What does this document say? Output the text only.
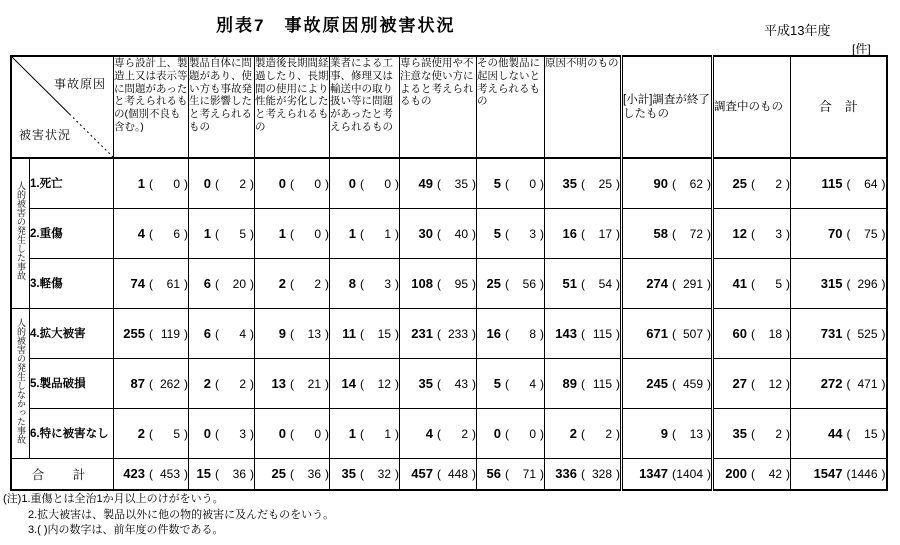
別表7　事故原因別被害状況	平成13年度
[件]
事故原因
被害状況		専ら設計上、製造上又は表示等に問題があったと考えられるもの(個別不良も含む。)	製品自体に問題があり、使い方も事故発生に影響したと考えられるもの	製造後長期間経過したり、長期間の使用により性能が劣化したと考えられるもの	業者による工事、修理又は輸送中の取り扱い等に問題があったと考えられるもの	専ら誤使用や不注意な使い方によると考えられるもの	その他製品に起因しないと考えられるもの	原因不明のもの	[小計]調査が終了したもの	調査中のもの	合　計
人的被害の発生した事故	1.死亡	1 ( 0 )	0 ( 2 )	0 ( 0 )	0 ( 0 )	49 ( 35 )	5 ( 0 )	35 ( 25 )	90 ( 62 )	25 ( 2 )	115 ( 64 )
	2.重傷	4 ( 6 )	1 ( 5 )	1 ( 0 )	1 ( 1 )	30 ( 40 )	5 ( 3 )	16 ( 17 )	58 ( 72 )	12 ( 3 )	70 ( 75 )
	3.軽傷	74 ( 61 )	6 ( 20 )	2 ( 2 )	8 ( 3 )	108 ( 95 )	25 ( 56 )	51 ( 54 )	274 ( 291 )	41 ( 5 )	315 ( 296 )
人的被害の発生しなかった事故	4.拡大被害	255 ( 119 )	6 ( 4 )	9 ( 13 )	11 ( 15 )	231 ( 233 )	16 ( 8 )	143 ( 115 )	671 ( 507 )	60 ( 18 )	731 ( 525 )
	5.製品破損	87 ( 262 )	2 ( 2 )	13 ( 21 )	14 ( 12 )	35 ( 43 )	5 ( 4 )	89 ( 115 )	245 ( 459 )	27 ( 12 )	272 ( 471 )
	6.特に被害なし	2 ( 5 )	0 ( 3 )	0 ( 0 )	1 ( 1 )	4 ( 2 )	0 ( 0 )	2 ( 2 )	9 ( 13 )	35 ( 2 )	44 ( 15 )
合　計		423 ( 453 )	15 ( 36 )	25 ( 36 )	35 ( 32 )	457 ( 448 )	56 ( 71 )	336 ( 328 )	1347 (1404 )	200 ( 42 )	1547 (1446 )
(注)1.重傷とは全治1か月以上のけがをいう。
2.拡大被害は、製品以外に他の物的被害に及んだものをいう。
3.( )内の数字は、前年度の件数である。
